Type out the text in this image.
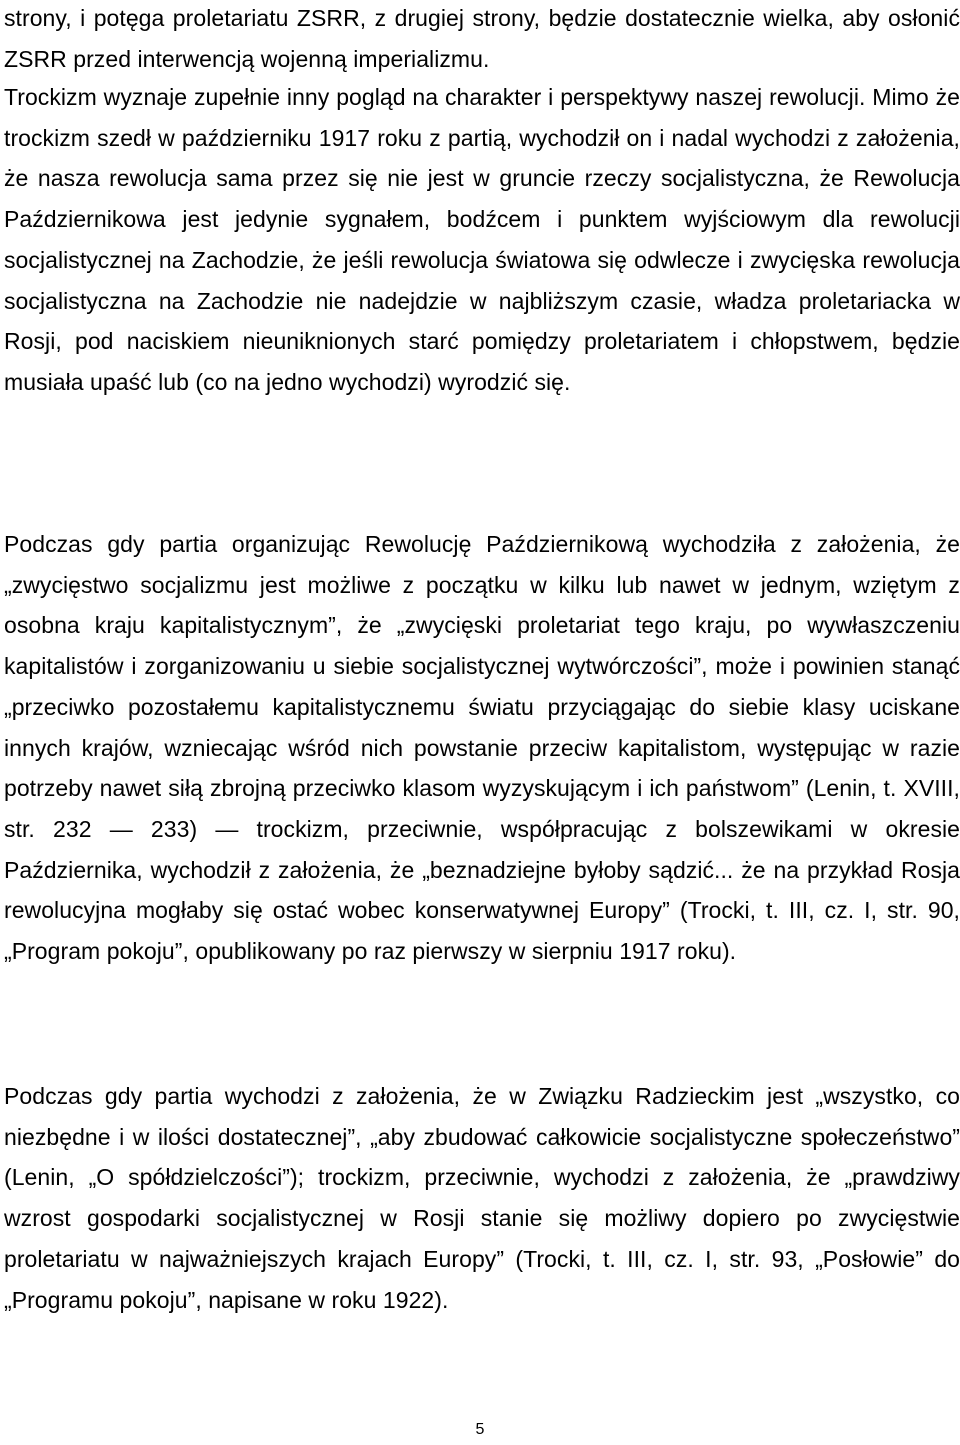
strony, i potęga proletariatu ZSRR, z drugiej strony, będzie dostatecznie wielka, aby osłonić ZSRR przed interwencją wojenną imperializmu.

Trockizm wyznaje zupełnie inny pogląd na charakter i perspektywy naszej rewolucji. Mimo że trockizm szedł w październiku 1917 roku z partią, wychodził on i nadal wychodzi z założenia, że nasza rewolucja sama przez się nie jest w gruncie rzeczy socjalistyczna, że Rewolucja Październikowa jest jedynie sygnałem, bodźcem i punktem wyjściowym dla rewolucji socjalistycznej na Zachodzie, że jeśli rewolucja światowa się odwlecze i zwycięska rewolucja socjalistyczna na Zachodzie nie nadejdzie w najbliższym czasie, władza proletariacka w Rosji, pod naciskiem nieuniknionych starć pomiędzy proletariatem i chłopstwem, będzie musiała upaść lub (co na jedno wychodzi) wyrodzić się.

Podczas gdy partia organizując Rewolucję Październikową wychodziła z założenia, że „zwycięstwo socjalizmu jest możliwe z początku w kilku lub nawet w jednym, wziętym z osobna kraju kapitalistycznym”, że „zwycięski proletariat tego kraju, po wywłaszczeniu kapitalistów i zorganizowaniu u siebie socjalistycznej wytwórczości”, może i powinien stanąć „przeciwko pozostałemu kapitalistycznemu światu przyciągając do siebie klasy uciskane innych krajów, wzniecając wśród nich powstanie przeciw kapitalistom, występując w razie potrzeby nawet siłą zbrojną przeciwko klasom wyzyskującym i ich państwom” (Lenin, t. XVIII, str. 232 — 233) — trockizm, przeciwnie, współpracując z bolszewikami w okresie Października, wychodził z założenia, że „beznadziejne byłoby sądzić... że na przykład Rosja rewolucyjna mogłaby się ostać wobec konserwatywnej Europy” (Trocki, t. III, cz. I, str. 90, „Program pokoju”, opublikowany po raz pierwszy w sierpniu 1917 roku).

Podczas gdy partia wychodzi z założenia, że w Związku Radzieckim jest „wszystko, co niezbędne i w ilości dostatecznej”, „aby zbudować całkowicie socjalistyczne społeczeństwo” (Lenin, „O spółdzielczości”); trockizm, przeciwnie, wychodzi z założenia, że „prawdziwy wzrost gospodarki socjalistycznej w Rosji stanie się możliwy dopiero po zwycięstwie proletariatu w najważniejszych krajach Europy” (Trocki, t. III, cz. I, str. 93, „Posłowie” do „Programu pokoju”, napisane w roku 1922).

5
